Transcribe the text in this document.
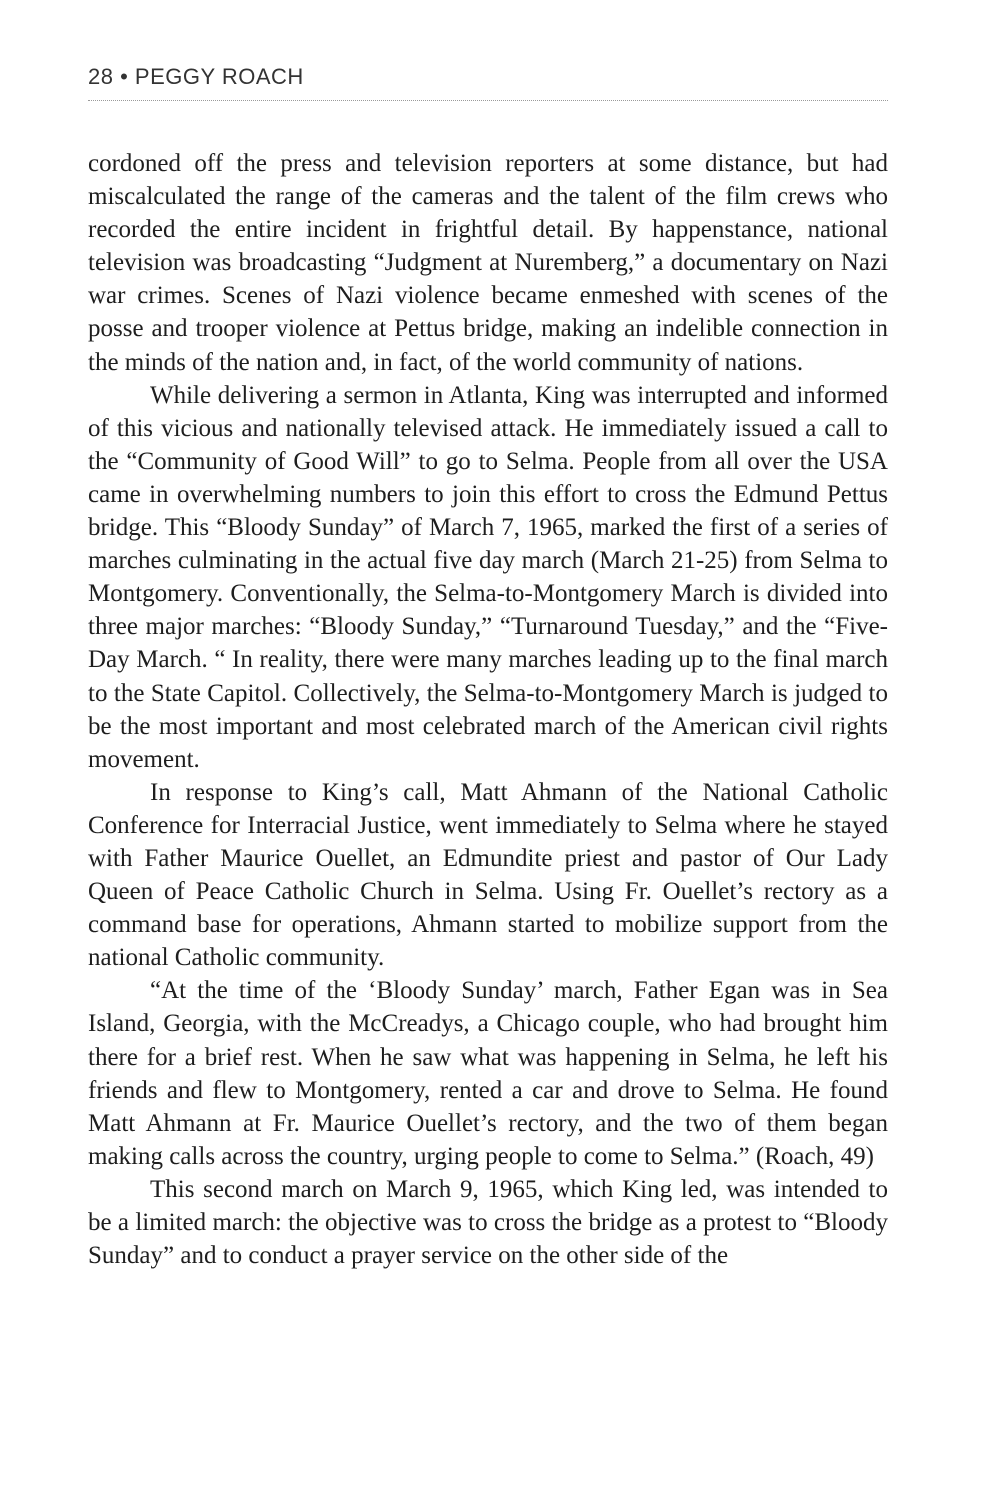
28 • PEGGY ROACH

cordoned off the press and television reporters at some distance, but had miscalculated the range of the cameras and the talent of the film crews who recorded the entire incident in frightful detail. By happenstance, national television was broadcasting “Judgment at Nuremberg,” a documentary on Nazi war crimes. Scenes of Nazi violence became enmeshed with scenes of the posse and trooper violence at Pettus bridge, making an indelible connection in the minds of the nation and, in fact, of the world community of nations.

While delivering a sermon in Atlanta, King was interrupted and informed of this vicious and nationally televised attack. He immediately issued a call to the “Community of Good Will” to go to Selma. People from all over the USA came in overwhelming numbers to join this effort to cross the Edmund Pettus bridge. This “Bloody Sunday” of March 7, 1965, marked the first of a series of marches culminating in the actual five day march (March 21-25) from Selma to Montgomery. Conventionally, the Selma-to-Montgomery March is divided into three major marches: “Bloody Sunday,” “Turnaround Tuesday,” and the “Five-Day March. “ In reality, there were many marches leading up to the final march to the State Capitol. Collectively, the Selma-to-Montgomery March is judged to be the most important and most celebrated march of the American civil rights movement.

In response to King’s call, Matt Ahmann of the National Catholic Conference for Interracial Justice, went immediately to Selma where he stayed with Father Maurice Ouellet, an Edmundite priest and pastor of Our Lady Queen of Peace Catholic Church in Selma. Using Fr. Ouellet’s rectory as a command base for operations, Ahmann started to mobilize support from the national Catholic community.

“At the time of the ‘Bloody Sunday’ march, Father Egan was in Sea Island, Georgia, with the McCreadys, a Chicago couple, who had brought him there for a brief rest. When he saw what was happening in Selma, he left his friends and flew to Montgomery, rented a car and drove to Selma. He found Matt Ahmann at Fr. Maurice Ouellet’s rectory, and the two of them began making calls across the country, urging people to come to Selma.” (Roach, 49)

This second march on March 9, 1965, which King led, was intended to be a limited march: the objective was to cross the bridge as a protest to “Bloody Sunday” and to conduct a prayer service on the other side of the
